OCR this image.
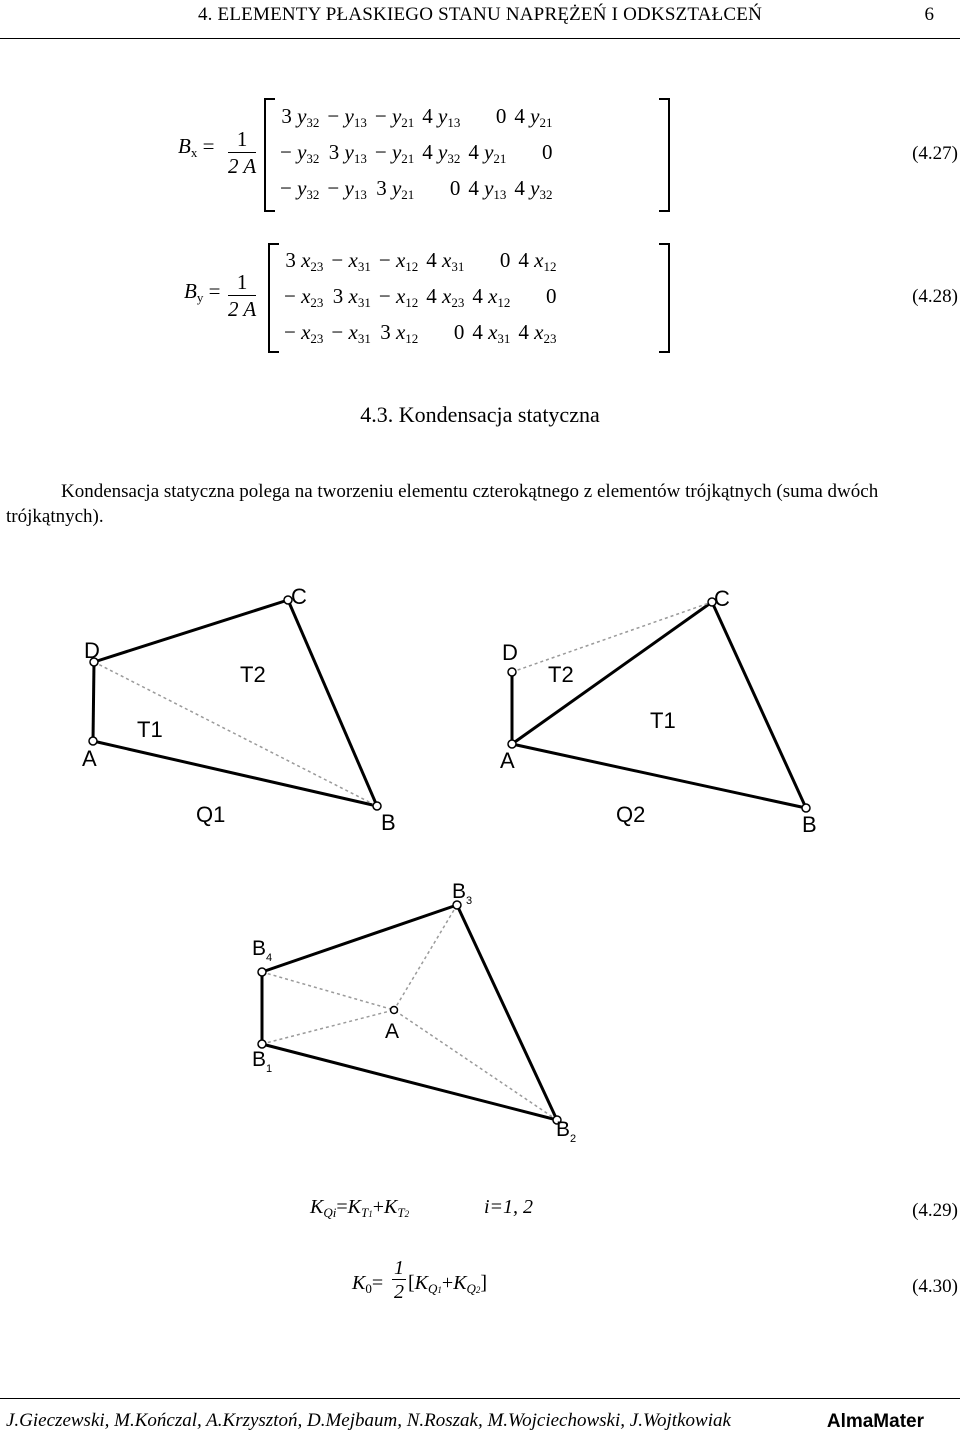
4. ELEMENTY PŁASKIEGO STANU NAPRĘŻEŃ I ODKSZTAŁCEŃ	6
$B_x = \frac{1}{2 A}$
3 $y_{32}$	− $y_{13}$	− $y_{21}$	4 $y_{13}$	0	4 $y_{21}$
− $y_{32}$	3 $y_{13}$	− $y_{21}$	4 $y_{32}$	4 $y_{21}$	0
− $y_{32}$	− $y_{13}$	3 $y_{21}$	0	4 $y_{13}$	4 $y_{32}$
(4.27)
$B_y = \frac{1}{2 A}$
3 $x_{23}$	− $x_{31}$	− $x_{12}$	4 $x_{31}$	0	4 $x_{12}$
− $x_{23}$	3 $x_{31}$	− $x_{12}$	4 $x_{23}$	4 $x_{12}$	0
− $x_{23}$	− $x_{31}$	3 $x_{12}$	0	4 $x_{31}$	4 $x_{23}$
(4.28)
4.3. Kondensacja statyczna
Kondensacja statyczna polega na tworzeniu elementu czterokątnego z elementów trójkątnych (suma dwóch trójkątnych).
D
C
A
B
T2
T1
Q1
D
C
A
B
T2
T1
Q2
$B_3$
$B_4$
$B_1$
$B_2$
A
$K_{Qi}=K_{T1}+K_{T2}$	i=1, 2	(4.29)
$K_0= \frac{1}{2} [K_{Q1}+K_{Q2}]$	(4.30)
J.Gieczewski, M.Kończal, A.Krzysztoń, D.Mejbaum, N.Roszak, M.Wojciechowski, J.Wojtkowiak	AlmaMater
